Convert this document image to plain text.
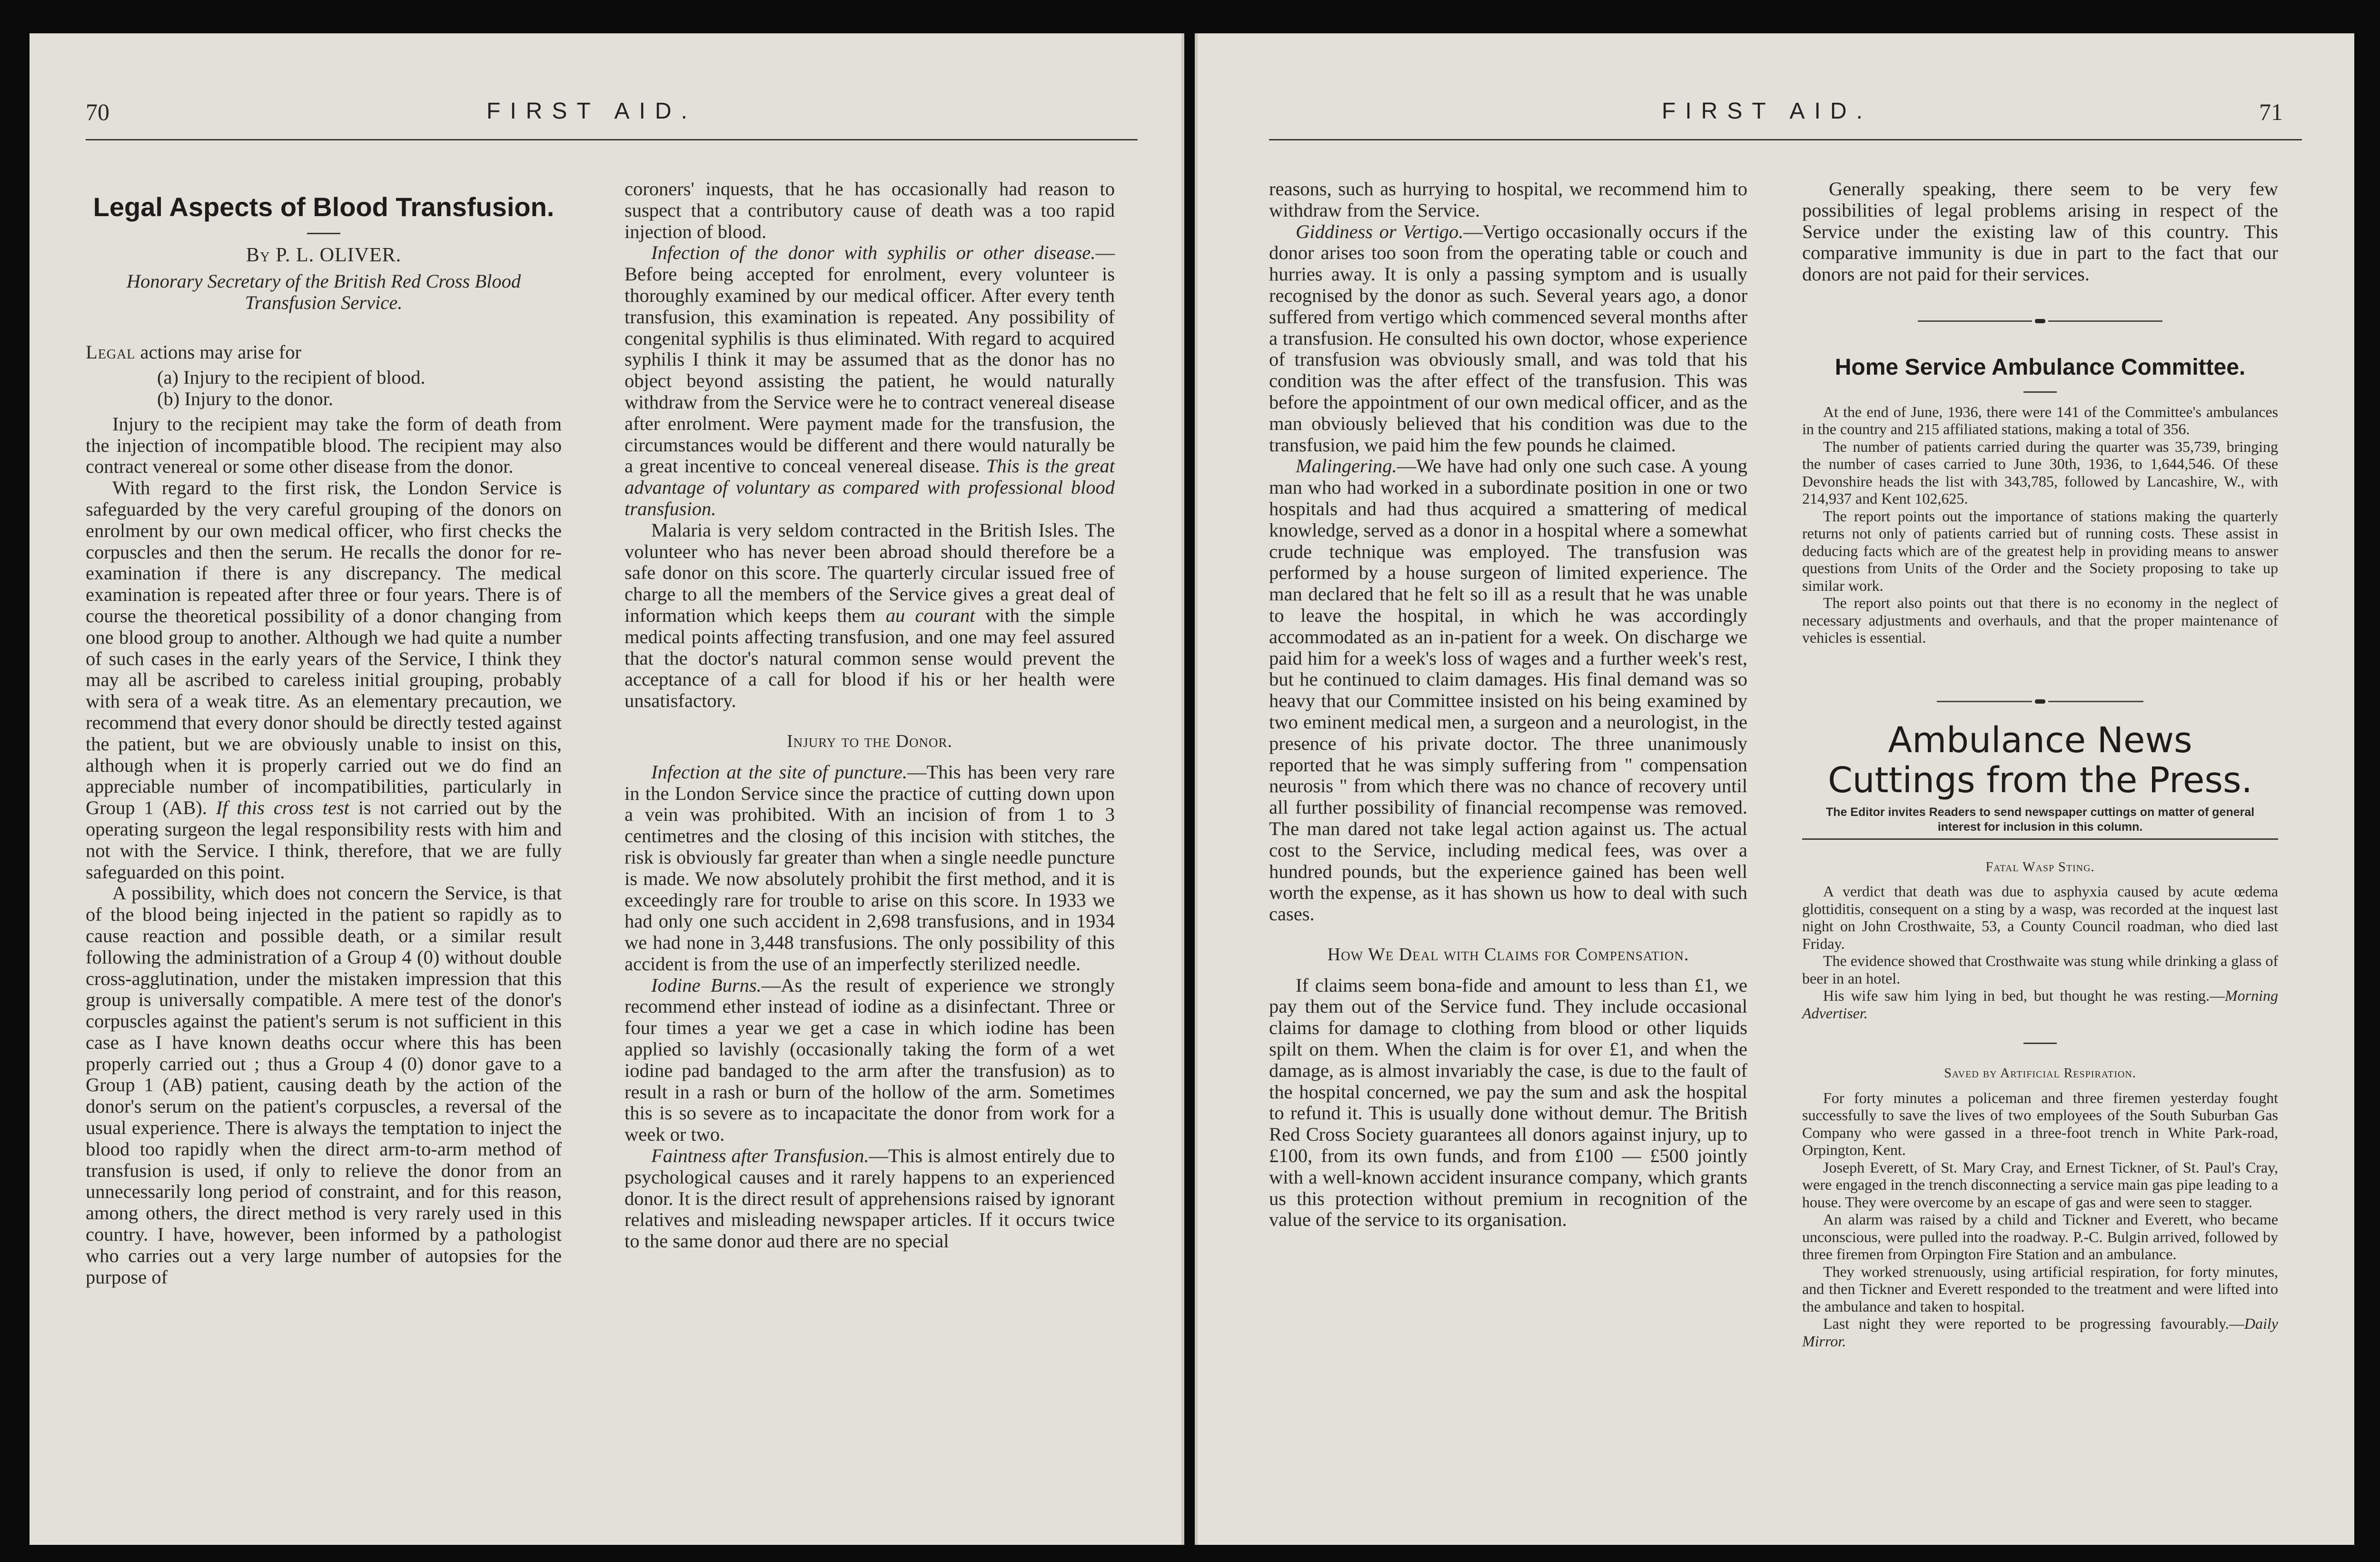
70	FIRST AID.
Legal Aspects of Blood Transfusion.

By P. L. OLIVER.

Honorary Secretary of the British Red Cross Blood Transfusion Service.

Legal actions may arise for

(a) Injury to the recipient of blood.

(b) Injury to the donor.

Injury to the recipient may take the form of death from the injection of incompatible blood. The recipient may also contract venereal or some other disease from the donor.

With regard to the first risk, the London Service is safeguarded by the very careful grouping of the donors on enrolment by our own medical officer, who first checks the corpuscles and then the serum. He recalls the donor for re-examination if there is any discrepancy. The medical examination is repeated after three or four years. There is of course the theoretical possibility of a donor changing from one blood group to another. Although we had quite a number of such cases in the early years of the Service, I think they may all be ascribed to careless initial grouping, probably with sera of a weak titre. As an elementary precaution, we recommend that every donor should be directly tested against the patient, but we are obviously unable to insist on this, although when it is properly carried out we do find an appreciable number of incompatibilities, particularly in Group 1 (AB). If this cross test is not carried out by the operating surgeon the legal responsibility rests with him and not with the Service. I think, therefore, that we are fully safeguarded on this point.

A possibility, which does not concern the Service, is that of the blood being injected in the patient so rapidly as to cause reaction and possible death, or a similar result following the administration of a Group 4 (0) without double cross-agglutination, under the mistaken impression that this group is universally compatible. A mere test of the donor's corpuscles against the patient's serum is not sufficient in this case as I have known deaths occur where this has been properly carried out ; thus a Group 4 (0) donor gave to a Group 1 (AB) patient, causing death by the action of the donor's serum on the patient's corpuscles, a reversal of the usual experience. There is always the temptation to inject the blood too rapidly when the direct arm-to-arm method of transfusion is used, if only to relieve the donor from an unnecessarily long period of constraint, and for this reason, among others, the direct method is very rarely used in this country. I have, however, been informed by a pathologist who carries out a very large number of autopsies for the purpose of

coroners' inquests, that he has occasionally had reason to suspect that a contributory cause of death was a too rapid injection of blood.

Infection of the donor with syphilis or other disease.—Before being accepted for enrolment, every volunteer is thoroughly examined by our medical officer. After every tenth transfusion, this examination is repeated. Any possibility of congenital syphilis is thus eliminated. With regard to acquired syphilis I think it may be assumed that as the donor has no object beyond assisting the patient, he would naturally withdraw from the Service were he to contract venereal disease after enrolment. Were payment made for the transfusion, the circumstances would be different and there would naturally be a great incentive to conceal venereal disease. This is the great advantage of voluntary as compared with professional blood transfusion.

Malaria is very seldom contracted in the British Isles. The volunteer who has never been abroad should therefore be a safe donor on this score. The quarterly circular issued free of charge to all the members of the Service gives a great deal of information which keeps them au courant with the simple medical points affecting transfusion, and one may feel assured that the doctor's natural common sense would prevent the acceptance of a call for blood if his or her health were unsatisfactory.

Injury to the Donor.

Infection at the site of puncture.—This has been very rare in the London Service since the practice of cutting down upon a vein was prohibited. With an incision of from 1 to 3 centimetres and the closing of this incision with stitches, the risk is obviously far greater than when a single needle puncture is made. We now absolutely prohibit the first method, and it is exceedingly rare for trouble to arise on this score. In 1933 we had only one such accident in 2,698 transfusions, and in 1934 we had none in 3,448 transfusions. The only possibility of this accident is from the use of an imperfectly sterilized needle.

Iodine Burns.—As the result of experience we strongly recommend ether instead of iodine as a disinfectant. Three or four times a year we get a case in which iodine has been applied so lavishly (occasionally taking the form of a wet iodine pad bandaged to the arm after the transfusion) as to result in a rash or burn of the hollow of the arm. Sometimes this is so severe as to incapacitate the donor from work for a week or two.

Faintness after Transfusion.—This is almost entirely due to psychological causes and it rarely happens to an experienced donor. It is the direct result of apprehensions raised by ignorant relatives and misleading newspaper articles. If it occurs twice to the same donor aud there are no special

FIRST AID.	71

reasons, such as hurrying to hospital, we recommend him to withdraw from the Service.

Giddiness or Vertigo.—Vertigo occasionally occurs if the donor arises too soon from the operating table or couch and hurries away. It is only a passing symptom and is usually recognised by the donor as such. Several years ago, a donor suffered from vertigo which commenced several months after a transfusion. He consulted his own doctor, whose experience of transfusion was obviously small, and was told that his condition was the after effect of the transfusion. This was before the appointment of our own medical officer, and as the man obviously believed that his condition was due to the transfusion, we paid him the few pounds he claimed.

Malingering.—We have had only one such case. A young man who had worked in a subordinate position in one or two hospitals and had thus acquired a smattering of medical knowledge, served as a donor in a hospital where a somewhat crude technique was employed. The transfusion was performed by a house surgeon of limited experience. The man declared that he felt so ill as a result that he was unable to leave the hospital, in which he was accordingly accommodated as an in-patient for a week. On discharge we paid him for a week's loss of wages and a further week's rest, but he continued to claim damages. His final demand was so heavy that our Committee insisted on his being examined by two eminent medical men, a surgeon and a neurologist, in the presence of his private doctor. The three unanimously reported that he was simply suffering from " compensation neurosis " from which there was no chance of recovery until all further possibility of financial recompense was removed. The man dared not take legal action against us. The actual cost to the Service, including medical fees, was over a hundred pounds, but the experience gained has been well worth the expense, as it has shown us how to deal with such cases.

How We Deal with Claims for Compensation.

If claims seem bona-fide and amount to less than £1, we pay them out of the Service fund. They include occasional claims for damage to clothing from blood or other liquids spilt on them. When the claim is for over £1, and when the damage, as is almost invariably the case, is due to the fault of the hospital concerned, we pay the sum and ask the hospital to refund it. This is usually done without demur. The British Red Cross Society guarantees all donors against injury, up to £100, from its own funds, and from £100 — £500 jointly with a well-known accident insurance company, which grants us this protection without premium in recognition of the value of the service to its organisation.

Generally speaking, there seem to be very few possibilities of legal problems arising in respect of the Service under the existing law of this country. This comparative immunity is due in part to the fact that our donors are not paid for their services.

Home Service Ambulance Committee.

At the end of June, 1936, there were 141 of the Committee's ambulances in the country and 215 affiliated stations, making a total of 356.

The number of patients carried during the quarter was 35,739, bringing the number of cases carried to June 30th, 1936, to 1,644,546. Of these Devonshire heads the list with 343,785, followed by Lancashire, W., with 214,937 and Kent 102,625.

The report points out the importance of stations making the quarterly returns not only of patients carried but of running costs. These assist in deducing facts which are of the greatest help in providing means to answer questions from Units of the Order and the Society proposing to take up similar work.

The report also points out that there is no economy in the neglect of necessary adjustments and overhauls, and that the proper maintenance of vehicles is essential.

Ambulance News Cuttings from the Press.
The Editor invites Readers to send newspaper cuttings on matter of general interest for inclusion in this column.

Fatal Wasp Sting.

A verdict that death was due to asphyxia caused by acute œdema glottiditis, consequent on a sting by a wasp, was recorded at the inquest last night on John Crosthwaite, 53, a County Council roadman, who died last Friday.

The evidence showed that Crosthwaite was stung while drinking a glass of beer in an hotel.

His wife saw him lying in bed, but thought he was resting.—Morning Advertiser.

Saved by Artificial Respiration.

For forty minutes a policeman and three firemen yesterday fought successfully to save the lives of two employees of the South Suburban Gas Company who were gassed in a three-foot trench in White Park-road, Orpington, Kent.

Joseph Everett, of St. Mary Cray, and Ernest Tickner, of St. Paul's Cray, were engaged in the trench disconnecting a service main gas pipe leading to a house. They were overcome by an escape of gas and were seen to stagger.

An alarm was raised by a child and Tickner and Everett, who became unconscious, were pulled into the roadway. P.-C. Bulgin arrived, followed by three firemen from Orpington Fire Station and an ambulance.

They worked strenuously, using artificial respiration, for forty minutes, and then Tickner and Everett responded to the treatment and were lifted into the ambulance and taken to hospital.

Last night they were reported to be progressing favourably.—Daily Mirror.
